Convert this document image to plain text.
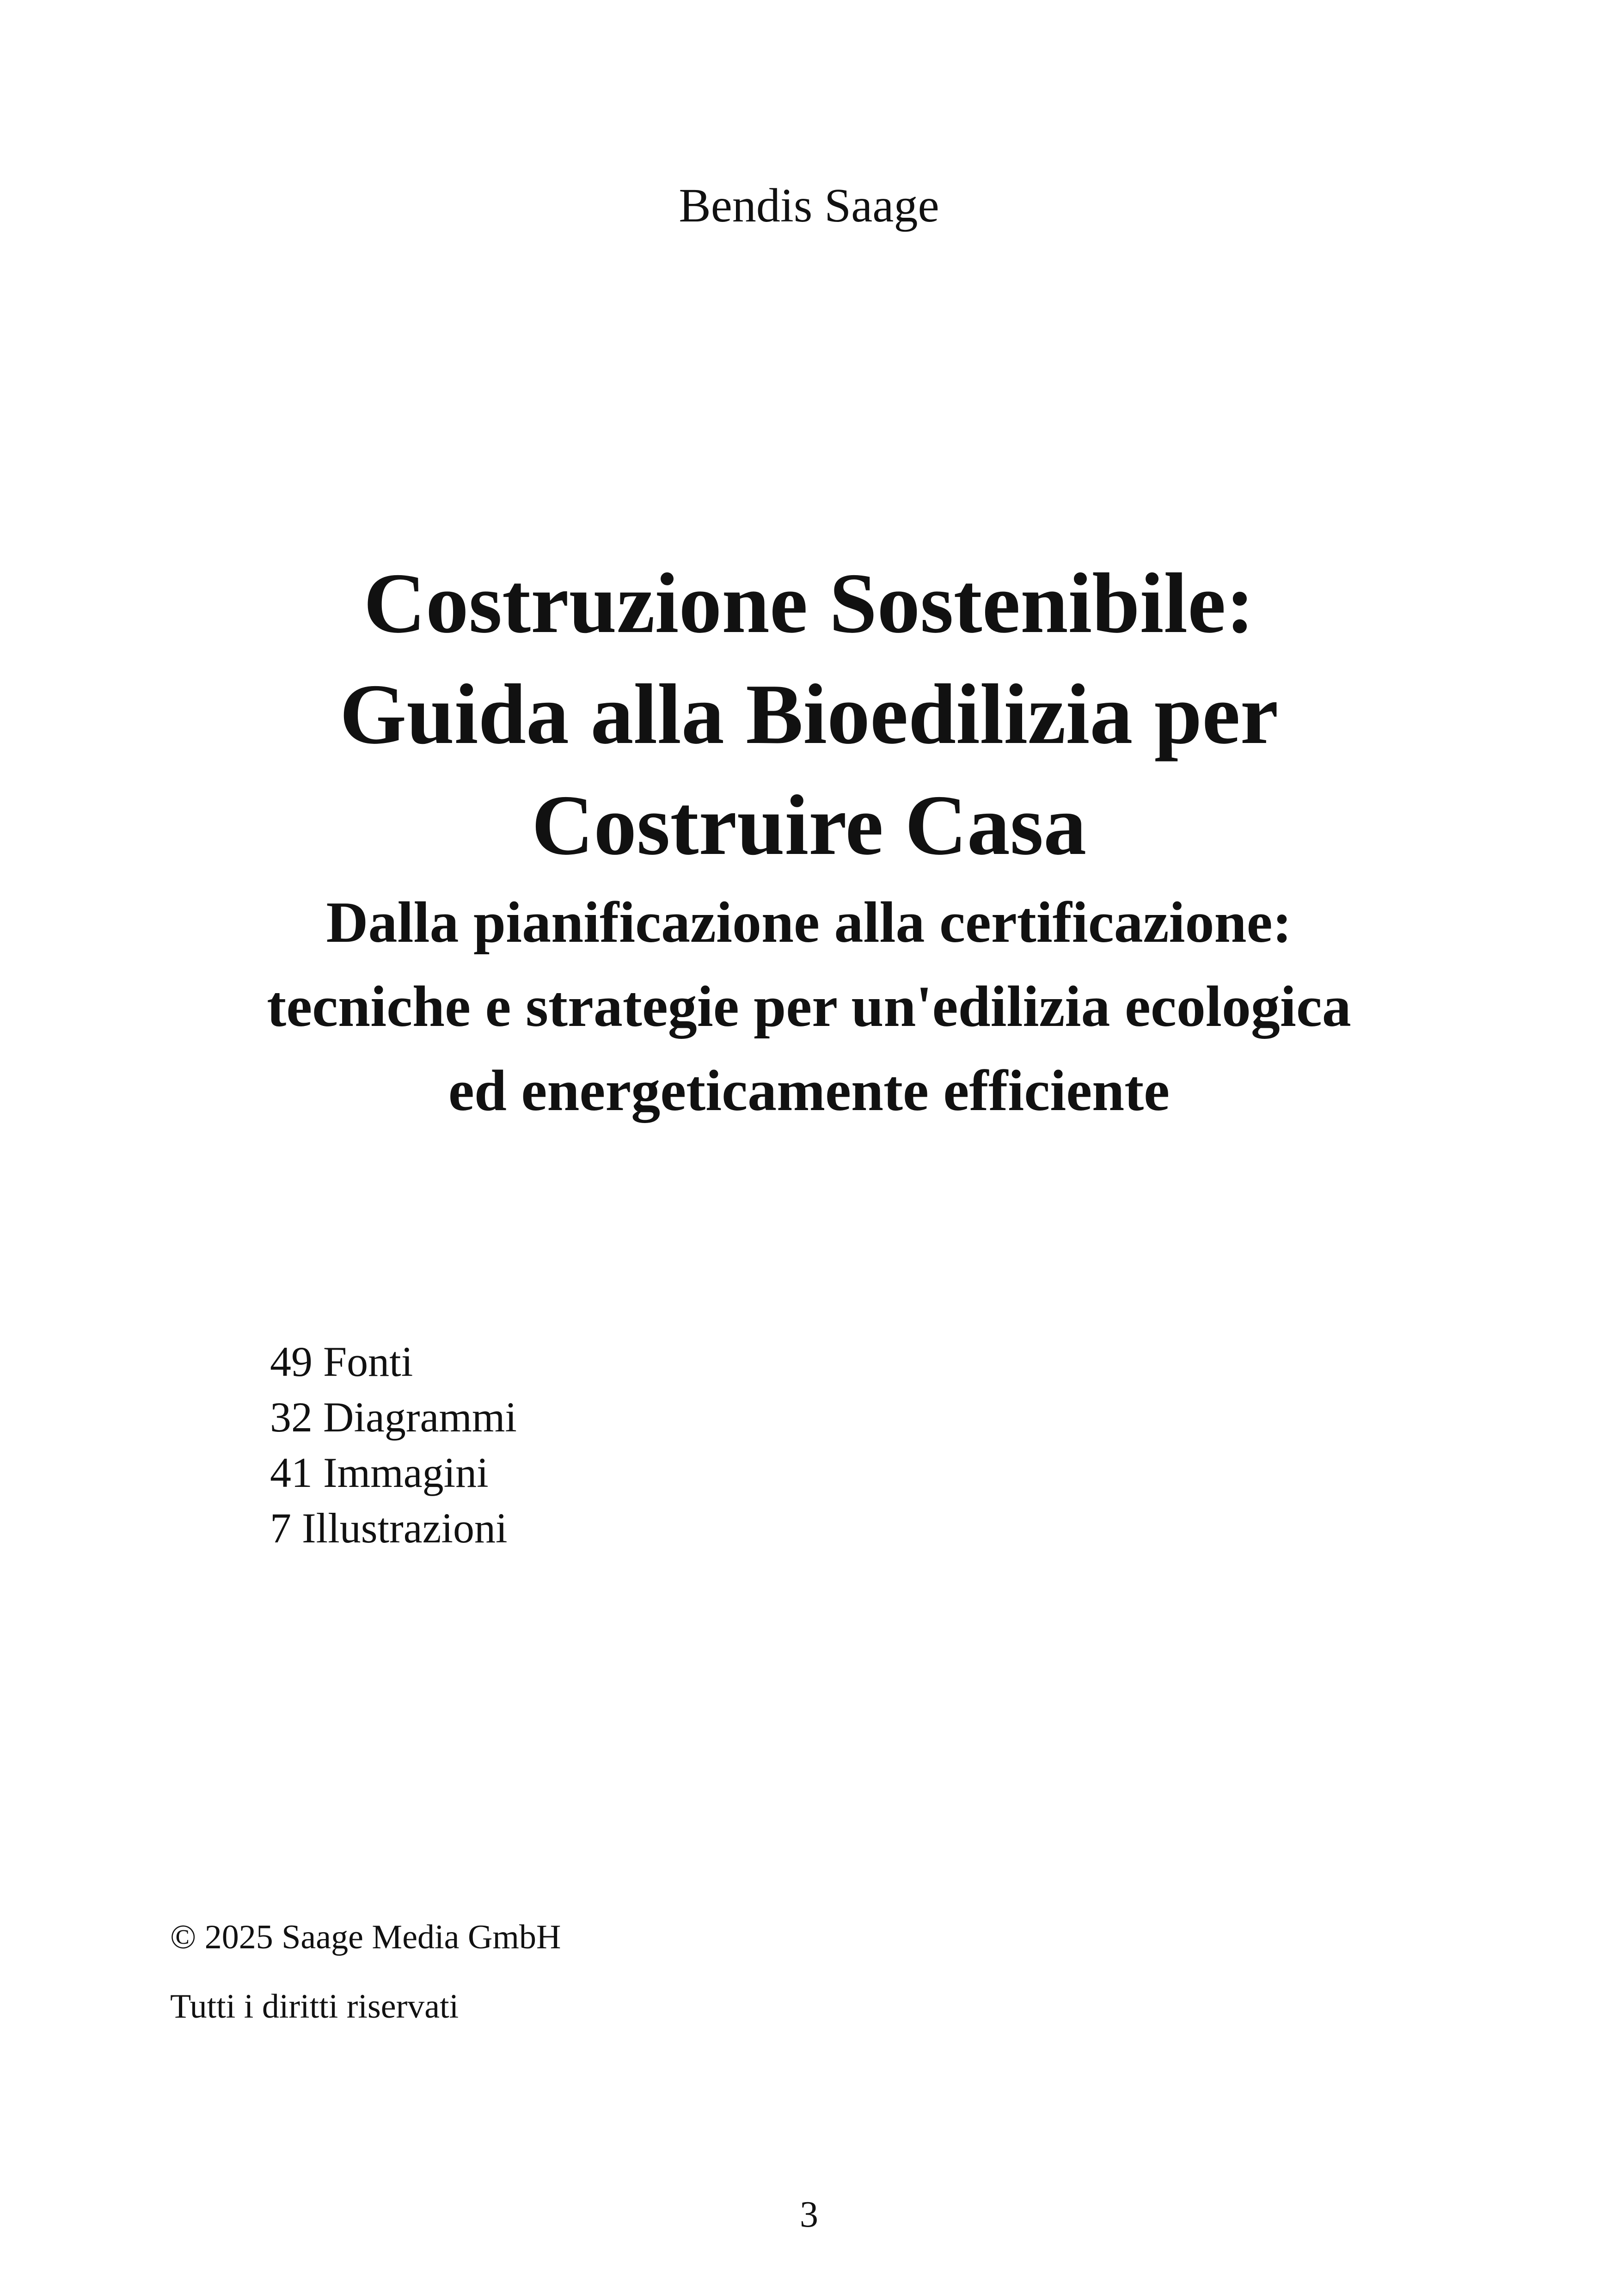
Bendis Saage
Costruzione Sostenibile:
Guida alla Bioedilizia per
Costruire Casa
Dalla pianificazione alla certificazione:
tecniche e strategie per un'edilizia ecologica
ed energeticamente efficiente
49 Fonti
32 Diagrammi
41 Immagini
7 Illustrazioni
© 2025 Saage Media GmbH
Tutti i diritti riservati
3
